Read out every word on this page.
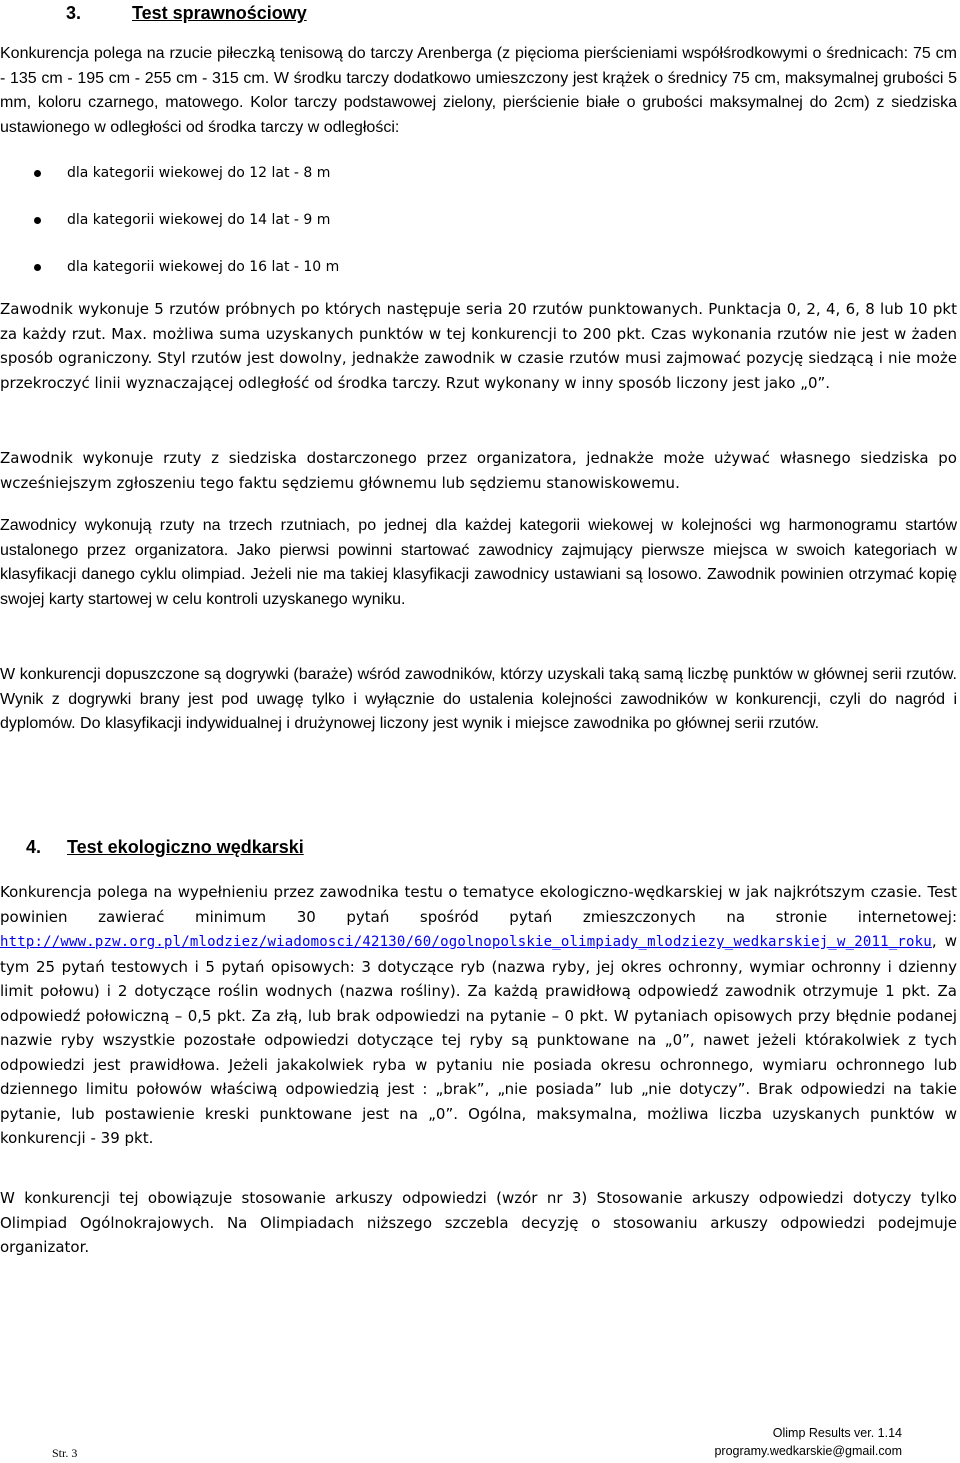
3.	Test sprawnościowy

Konkurencja polega na rzucie piłeczką tenisową do tarczy Arenberga (z pięcioma pierścieniami współśrodkowymi o średnicach: 75 cm - 135 cm - 195 cm - 255 cm - 315 cm. W środku tarczy dodatkowo umieszczony jest krążek o średnicy 75 cm, maksymalnej grubości 5 mm, koloru czarnego, matowego. Kolor tarczy podstawowej zielony, pierścienie białe o grubości maksymalnej do 2cm) z siedziska ustawionego w odległości od środka tarczy w odległości:

dla kategorii wiekowej do 12 lat - 8 m
dla kategorii wiekowej do 14 lat - 9 m
dla kategorii wiekowej do 16 lat - 10 m

Zawodnik wykonuje 5 rzutów próbnych po których następuje seria 20 rzutów punktowanych. Punktacja 0, 2, 4, 6, 8 lub 10 pkt za każdy rzut. Max. możliwa suma uzyskanych punktów w tej konkurencji to 200 pkt. Czas wykonania rzutów nie jest w żaden sposób ograniczony. Styl rzutów jest dowolny, jednakże zawodnik w czasie rzutów musi zajmować pozycję siedzącą i nie może przekroczyć linii wyznaczającej odległość od środka tarczy. Rzut wykonany w inny sposób liczony jest jako „0”.

Zawodnik wykonuje rzuty z siedziska dostarczonego przez organizatora, jednakże może używać własnego siedziska po wcześniejszym zgłoszeniu tego faktu sędziemu głównemu lub sędziemu stanowiskowemu.

Zawodnicy wykonują rzuty na trzech rzutniach, po jednej dla każdej kategorii wiekowej w kolejności wg harmonogramu startów ustalonego przez organizatora. Jako pierwsi powinni startować zawodnicy zajmujący pierwsze miejsca w swoich kategoriach w klasyfikacji danego cyklu olimpiad. Jeżeli nie ma takiej klasyfikacji zawodnicy ustawiani są losowo. Zawodnik powinien otrzymać kopię swojej karty startowej w celu kontroli uzyskanego wyniku.

W konkurencji dopuszczone są dogrywki (baraże) wśród zawodników, którzy uzyskali taką samą liczbę punktów w głównej serii rzutów. Wynik z dogrywki brany jest pod uwagę tylko i wyłącznie do ustalenia kolejności zawodników w konkurencji, czyli do nagród i dyplomów. Do klasyfikacji indywidualnej i drużynowej liczony jest wynik i miejsce zawodnika po głównej serii rzutów.

4. Test ekologiczno wędkarski

Konkurencja polega na wypełnieniu przez zawodnika testu o tematyce ekologiczno-wędkarskiej w jak najkrótszym czasie. Test powinien zawierać minimum 30 pytań spośród pytań zmieszczonych na stronie internetowej: http://www.pzw.org.pl/mlodziez/wiadomosci/42130/60/ogolnopolskie_olimpiady_mlodziezy_wedkarskiej_w_2011_roku, w tym 25 pytań testowych i 5 pytań opisowych: 3 dotyczące ryb (nazwa ryby, jej okres ochronny, wymiar ochronny i dzienny limit połowu) i 2 dotyczące roślin wodnych (nazwa rośliny). Za każdą prawidłową odpowiedź zawodnik otrzymuje 1 pkt. Za odpowiedź połowiczną – 0,5 pkt. Za złą, lub brak odpowiedzi na pytanie – 0 pkt. W pytaniach opisowych przy błędnie podanej nazwie ryby wszystkie pozostałe odpowiedzi dotyczące tej ryby są punktowane na „0”, nawet jeżeli którakolwiek z tych odpowiedzi jest prawidłowa. Jeżeli jakakolwiek ryba w pytaniu nie posiada okresu ochronnego, wymiaru ochronnego lub dziennego limitu połowów właściwą odpowiedzią jest : „brak”, „nie posiada” lub „nie dotyczy”. Brak odpowiedzi na takie pytanie, lub postawienie kreski punktowane jest na „0”. Ogólna, maksymalna, możliwa liczba uzyskanych punktów w konkurencji - 39 pkt.

W konkurencji tej obowiązuje stosowanie arkuszy odpowiedzi (wzór nr 3) Stosowanie arkuszy odpowiedzi dotyczy tylko Olimpiad Ogólnokrajowych. Na Olimpiadach niższego szczebla decyzję o stosowaniu arkuszy odpowiedzi podejmuje organizator.

Str. 3
Olimp Results ver. 1.14
programy.wedkarskie@gmail.com
